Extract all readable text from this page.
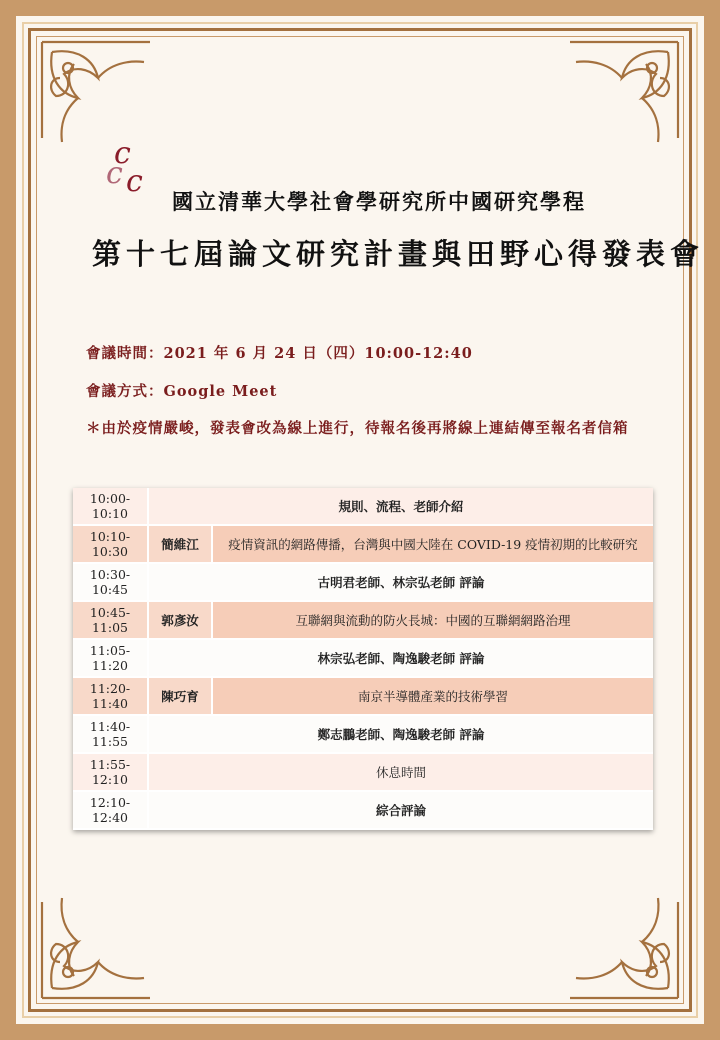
c
c c
國立清華大學社會學研究所中國研究學程
第十七屆論文研究計畫與田野心得發表會
會議時間：2021 年 6 月 24 日（四）10:00-12:40
會議方式：Google Meet
＊由於疫情嚴峻，發表會改為線上進行，待報名後再將線上連結傳至報名者信箱
10:00-10:10	規則、流程、老師介紹	
10:10-10:30	簡維江	疫情資訊的網路傳播，台灣與中國大陸在 COVID-19 疫情初期的比較研究
10:30-10:45	古明君老師、林宗弘老師 評論	
10:45-11:05	郭彥汝	互聯網與流動的防火長城：中國的互聯網網路治理
11:05-11:20	林宗弘老師、陶逸駿老師 評論	
11:20-11:40	陳巧育	南京半導體產業的技術學習
11:40-11:55	鄭志鵬老師、陶逸駿老師 評論	
11:55-12:10	休息時間	
12:10-12:40	綜合評論	
